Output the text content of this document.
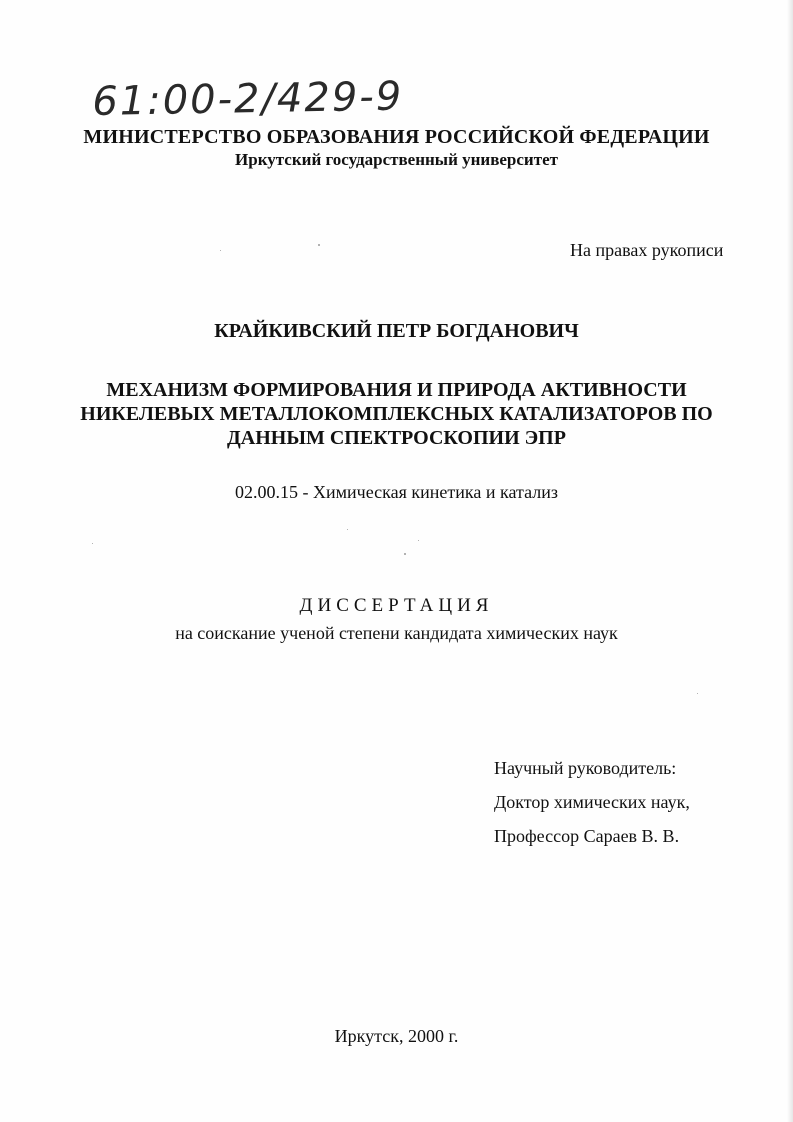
61:00-2/429-9
МИНИСТЕРСТВО ОБРАЗОВАНИЯ РОССИЙСКОЙ ФЕДЕРАЦИИ
Иркутский государственный университет
На правах рукописи
КРАЙКИВСКИЙ ПЕТР БОГДАНОВИЧ
МЕХАНИЗМ ФОРМИРОВАНИЯ И ПРИРОДА АКТИВНОСТИ
НИКЕЛЕВЫХ МЕТАЛЛОКОМПЛЕКСНЫХ КАТАЛИЗАТОРОВ ПО
ДАННЫМ СПЕКТРОСКОПИИ ЭПР
02.00.15 - Химическая кинетика и катализ
ДИССЕРТАЦИЯ
на соискание ученой степени кандидата химических наук
Научный руководитель:
Доктор химических наук,
Профессор Сараев В. В.
Иркутск, 2000 г.
